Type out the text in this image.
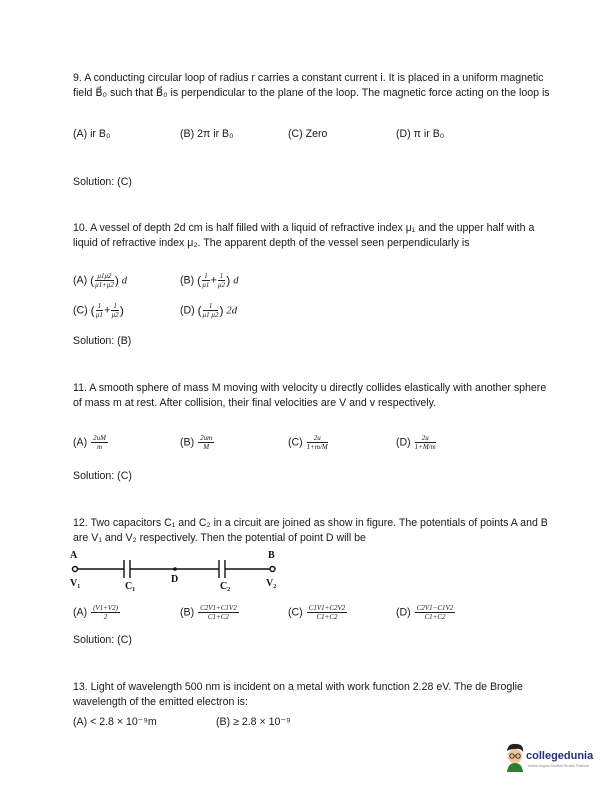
9. A conducting circular loop of radius r carries a constant current i. It is placed in a uniform magnetic field B⃗₀ such that B⃗₀ is perpendicular to the plane of the loop. The magnetic force acting on the loop is
(A) ir B₀	(B) 2π ir B₀	(C) Zero	(D) π ir B₀
Solution: (C)
10. A vessel of depth 2d cm is half filled with a liquid of refractive index μ₁ and the upper half with a liquid of refractive index μ₂. The apparent depth of the vessel seen perpendicularly is
(A) ( $\frac{\mu 1\mu 2}{\mu 1+\mu 2}$ ) d	(B) ( $\frac{1}{\mu 1} + \frac{1}{\mu 2}$ ) d
(C) ( $\frac{1}{\mu 1} + \frac{1}{\mu 2}$ )	(D) ( $\frac{1}{\mu 1 \mu 2}$ ) 2d
Solution: (B)
11. A smooth sphere of mass M moving with velocity u directly collides elastically with another sphere of mass m at rest. After collision, their final velocities are V and v respectively.
$(A) \frac{2uM}{m}$	$(B) \frac{2um}{M}$	$(C) \frac{2u}{1+m/M}$	$(D) \frac{2u}{1+M/m}$
Solution: (C)
12. Two capacitors C₁ and C₂ in a circuit are joined as show in figure. The potentials of points A and B are V₁ and V₂ respectively. Then the potential of point D will be
A	B
V₁	V₂
C₁	C₂
D
$(A) \frac{(V1+V2)}{2}$	$(B) \frac{C2V1+C1V2}{C1+C2}$	$(C) \frac{C1V1+C2V2}{C1+C2}$	$(D) \frac{C2V1-C1V2}{C1+C2}$
Solution: (C)
13. Light of wavelength 500 nm is incident on a metal with work function 2.28 eV. The de Broglie wavelength of the emitted electron is:
(A) < 2.8 × 10⁻⁹m	(B) ≥ 2.8 × 10⁻⁹
collegedunia
India's largest Student Review Platform
